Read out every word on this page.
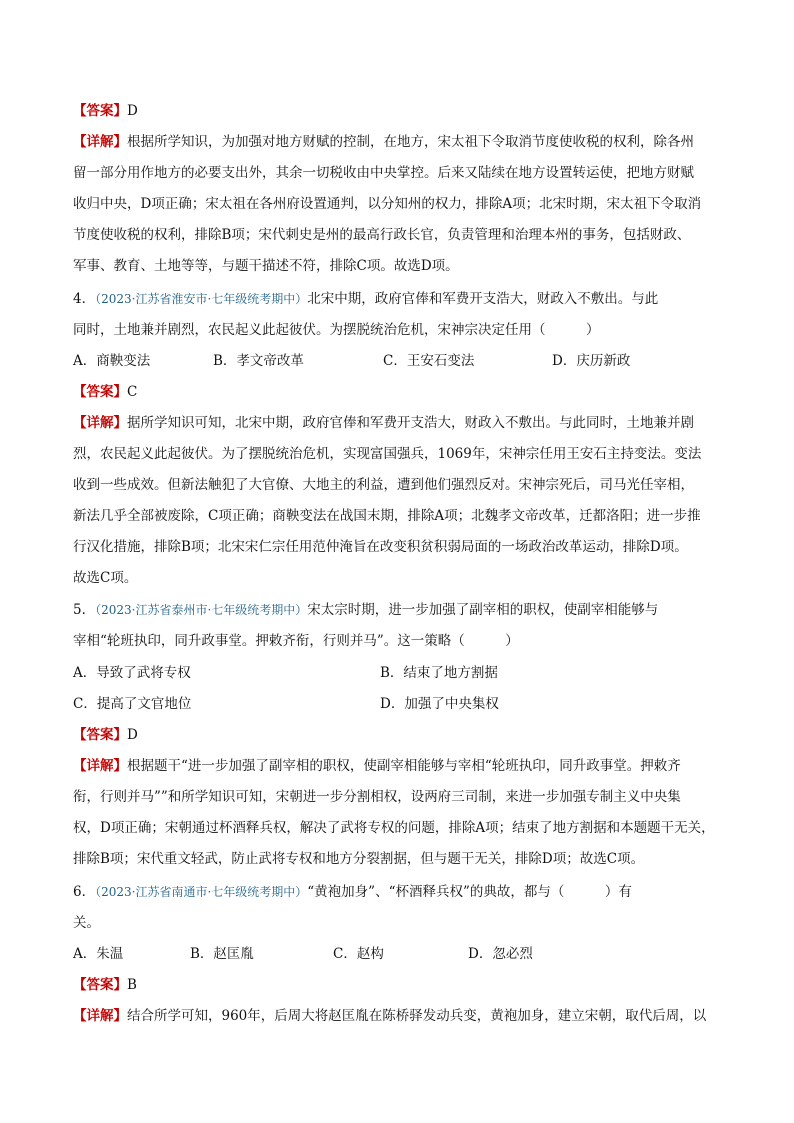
【答案】D
【详解】根据所学知识，为加强对地方财赋的控制，在地方，宋太祖下令取消节度使收税的权利，除各州
留一部分用作地方的必要支出外，其余一切税收由中央掌控。后来又陆续在地方设置转运使，把地方财赋
收归中央，D项正确；宋太祖在各州府设置通判，以分知州的权力，排除A项；北宋时期，宋太祖下令取消
节度使收税的权利，排除B项；宋代刺史是州的最高行政长官，负责管理和治理本州的事务，包括财政、
军事、教育、土地等等，与题干描述不符，排除C项。故选D项。
4．（2023·江苏省淮安市·七年级统考期中）北宋中期，政府官俸和军费开支浩大，财政入不敷出。与此
同时，土地兼并剧烈，农民起义此起彼伏。为摆脱统治危机，宋神宗决定任用（　　　）
A．商鞅变法	B．孝文帝改革	C．王安石变法	D．庆历新政
【答案】C
【详解】据所学知识可知，北宋中期，政府官俸和军费开支浩大，财政入不敷出。与此同时，土地兼并剧
烈，农民起义此起彼伏。为了摆脱统治危机，实现富国强兵，1069年，宋神宗任用王安石主持变法。变法
收到一些成效。但新法触犯了大官僚、大地主的利益，遭到他们强烈反对。宋神宗死后，司马光任宰相，
新法几乎全部被废除，C项正确；商鞅变法在战国末期，排除A项；北魏孝文帝改革，迁都洛阳；进一步推
行汉化措施，排除B项；北宋宋仁宗任用范仲淹旨在改变积贫积弱局面的一场政治改革运动，排除D项。
故选C项。
5．（2023·江苏省泰州市·七年级统考期中）宋太宗时期，进一步加强了副宰相的职权，使副宰相能够与
宰相“轮班执印，同升政事堂。押敕齐衔，行则并马”。这一策略（　　　）
A．导致了武将专权	B．结束了地方割据
C．提高了文官地位	D．加强了中央集权
【答案】D
【详解】根据题干“进一步加强了副宰相的职权，使副宰相能够与宰相“轮班执印，同升政事堂。押敕齐
衔，行则并马””和所学知识可知，宋朝进一步分割相权，设两府三司制，来进一步加强专制主义中央集
权，D项正确；宋朝通过杯酒释兵权，解决了武将专权的问题，排除A项；结束了地方割据和本题题干无关，
排除B项；宋代重文轻武，防止武将专权和地方分裂割据，但与题干无关，排除D项；故选C项。
6．（2023·江苏省南通市·七年级统考期中）“黄袍加身”、“杯酒释兵权”的典故，都与（　　　）有
关。
A．朱温	B．赵匡胤	C．赵构	D．忽必烈
【答案】B
【详解】结合所学可知，960年，后周大将赵匡胤在陈桥驿发动兵变，黄袍加身，建立宋朝，取代后周，以
